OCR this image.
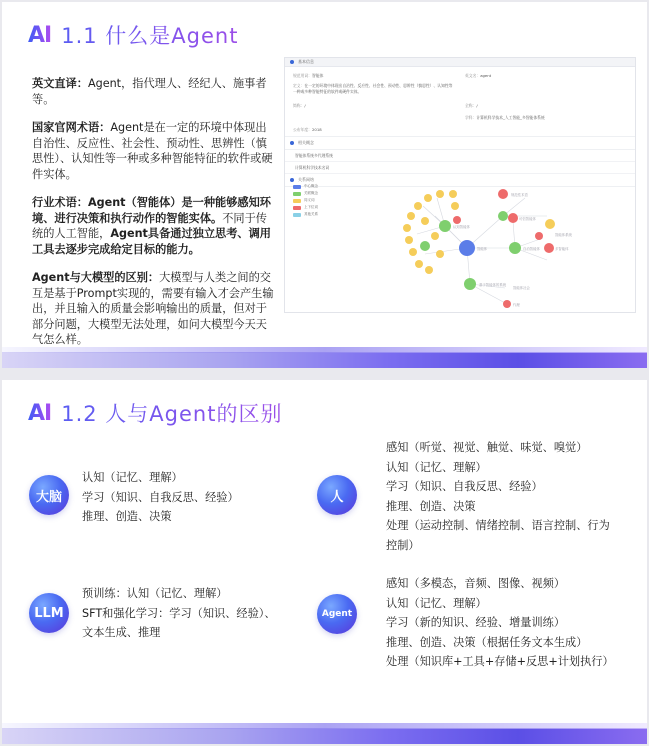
AI 1.1 什么是Agent

英文直译：Agent，指代理人、经纪人、施事者等。

国家官网术语：Agent是在一定的环境中体现出自治性、反应性、社会性、预动性、思辨性（慎思性）、认知性等一种或多种智能特征的软件或硬件实体。

行业术语：Agent（智能体）是一种能够感知环境、进行决策和执行动作的智能实体。不同于传统的人工智能，Agent具备通过独立思考、调用工具去逐步完成给定目标的能力。

Agent与大模型的区别：大模型与人类之间的交互是基于Prompt实现的，需要有输入才会产生输出，并且输入的质量会影响输出的质量，但对于部分问题，大模型无法处理，如问大模型今天天气怎么样。

基本信息
规范用词：智能体	英文名：agent
定义：在一定的环境中体现出自治性、反应性、社会性、预动性、思辨性（慎思性）、认知性等一种或多种智能特征的软件或硬件实体。
简称：/	全称：/
学科：计算机科学技术_人工智能_多智能体系统
公布年度：2018
相关概念
智能体系统多代理系统
计算机科学技术名词
关系网络
中心概念
关联概念
同义词
上下位词
其他关系
规范性术语
可信智能体
智能体系统
多智能体
智能体
基于智能体的系统
智能体社会
代理
认知智能体
自治智能体
AI 1.2 人与Agent的区别
大脑
认知（记忆、理解）
学习（知识、自我反思、经验）
推理、创造、决策
人
感知（听觉、视觉、触觉、味觉、嗅觉）
认知（记忆、理解）
学习（知识、自我反思、经验）
推理、创造、决策
处理（运动控制、情绪控制、语言控制、行为
控制）
LLM
预训练：认知（记忆、理解）
SFT和强化学习：学习（知识、经验）、
文本生成、推理
Agent
感知（多模态，音频、图像、视频）
认知（记忆、理解）
学习（新的知识、经验、增量训练）
推理、创造、决策（根据任务文本生成）
处理（知识库+工具+存储+反思+计划执行）
